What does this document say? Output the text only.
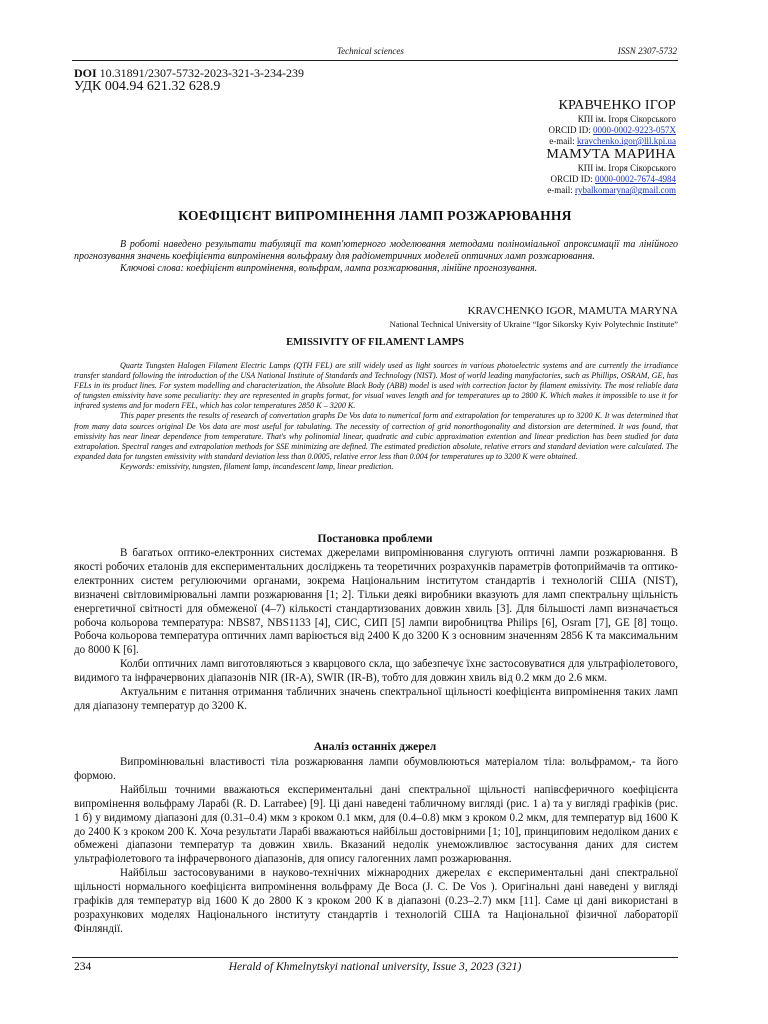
Technical sciences	ISSN 2307-5732
DOI 10.31891/2307-5732-2023-321-3-234-239
УДК 004.94 621.32 628.9
КРАВЧЕНКО ІГОР
КПІ ім. Ігоря Сікорського
ORCID ID: 0000-0002-9223-057X
e-mail: kravchenko.igor@lll.kpi.ua
МАМУТА МАРИНА
КПІ ім. Ігоря Сікорського
ORCID ID: 0000-0002-7674-4984
e-mail: rybalkomaryna@gmail.com
КОЕФІЦІЄНТ ВИПРОМІНЕННЯ ЛАМП РОЗЖАРЮВАННЯ

В роботі наведено результати табуляції та комп'ютерного моделювання методами поліноміальної апроксимації та лінійного прогнозування значень коефіцієнта випромінення вольфраму для радіометричних моделей оптичних ламп розжарювання.

Ключові слова: коефіцієнт випромінення, вольфрам, лампа розжарювання, лінійне прогнозування.

KRAVCHENKO IGOR, MAMUTA MARYNA
National Technical University of Ukraine “Igor Sikorsky Kyiv Polytechnic Institute”
EMISSIVITY OF FILAMENT LAMPS

Quartz Tungsten Halogen Filament Electric Lamps (QTH FEL) are still widely used as light sources in various photoelectric systems and are currently the irradiance transfer standard following the introduction of the USA National Institute of Standards and Technology (NIST). Most of world leading manyfactories, such as Phillips, OSRAM, GE, has FELs in its product lines. For system modelling and characterization, the Absolute Black Body (ABB) model is used with correction factor by filament emissivity. The most reliable data of tungsten emissivity have some peculiarity: they are represented in graphs format, for visual waves length and for temperatures up to 2800 K. Which makes it impossible to use it for infrared systems and for modern FEL, which has color temperatures 2850 K – 3200 K.

This paper presents the results of research of convertation graphs De Vos data to numerical form and extrapolation for temperatures up to 3200 K. It was determined that from many data sources original De Vos data are most useful for tabulating. The necessity of correction of grid nonorthogonality and distorsion are determined. It was found, that emissivity has near linear dependence from temperature. That's why polinomial linear, quadratic and cubic approximation extention and linear prediction has been studied for data extrapolation. Spectral ranges and extrapolation methods for SSE minimizing are defined. The estimated prediction absolute, relative errors and standard deviation were calculated. The expanded data for tungsten emissivity with standard deviation less than 0.0005, relative error less than 0.004 for temperatures up to 3200 K were obtained.

Keywords: emissivity, tungsten, filament lamp, incandescent lamp, linear prediction.

Постановка проблеми

В багатьох оптико-електронних системах джерелами випромінювання слугують оптичні лампи розжарювання. В якості робочих еталонів для експериментальних досліджень та теоретичних розрахунків параметрів фотоприймачів та оптико-електронних систем регулюючими органами, зокрема Національним інститутом стандартів і технологій США (NIST), визначені світловимірювальні лампи розжарювання [1; 2]. Тільки деякі виробники вказують для ламп спектральну щільність енергетичної світності для обмеженої (4–7) кількості стандартизованих довжин хвиль [3]. Для більшості ламп визначається робоча кольорова температура: NBS87, NBS1133 [4], СИС, СИП [5] лампи виробництва Philips [6], Osram [7], GE [8] тощо. Робоча кольорова температура оптичних ламп варіюється від 2400 К до 3200 К з основним значенням 2856 К та максимальним до 8000 К [6].

Колби оптичних ламп виготовляються з кварцового скла, що забезпечує їхнє застосовуватися для ультрафіолетового, видимого та інфрачервоних діапазонів NIR (IR-A), SWIR (IR-B), тобто для довжин хвиль від 0.2 мкм до 2.6 мкм.

Актуальним є питання отримання табличних значень спектральної щільності коефіцієнта випромінення таких ламп для діапазону температур до 3200 К.

Аналіз останніх джерел

Випромінювальні властивості тіла розжарювання лампи обумовлюються матеріалом тіла: вольфрамом,- та його формою.

Найбільш точними вважаються експериментальні дані спектральної щільності напівсферичного коефіцієнта випромінення вольфраму Ларабі (R. D. Larrabee) [9]. Ці дані наведені табличному вигляді (рис. 1 а) та у вигляді графіків (рис. 1 б) у видимому діапазоні для (0.31–0.4) мкм з кроком 0.1 мкм, для (0.4–0.8) мкм з кроком 0.2 мкм, для температур від 1600 К до 2400 К з кроком 200 К. Хоча результати Ларабі вважаються найбільш достовірними [1; 10], принциповим недоліком даних є обмежені діапазони температур та довжин хвиль. Вказаний недолік унеможливлює застосування даних для систем ультрафіолетового та інфрачервоного діапазонів, для опису галогенних ламп розжарювання.

Найбільш застосовуваними в науково-технічних міжнародних джерелах є експериментальні дані спектральної щільності нормального коефіцієнта випромінення вольфраму Де Воса (J. C. De Vos ). Оригінальні дані наведені у вигляді графіків для температур від 1600 К до 2800 К з кроком 200 К в діапазоні (0.23–2.7) мкм [11]. Саме ці дані використані в розрахункових моделях Національного інституту стандартів і технологій США та Національної фізичної лабораторії Фінляндії.

234	Herald of Khmelnytskyi national university, Issue 3, 2023 (321)
